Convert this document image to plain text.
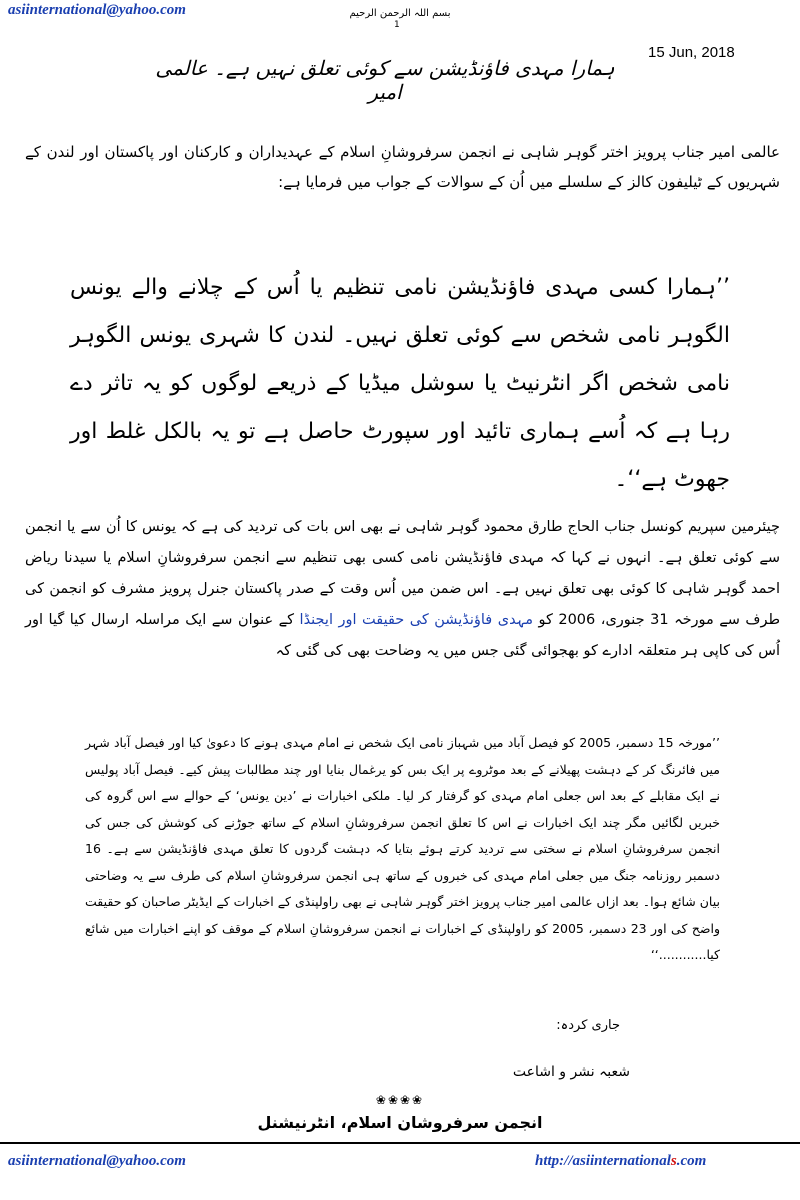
asiinternational@yahoo.com	بسم اللہ الرحمن الرحیم
1
15 Jun, 2018
ہمارا مہدی فاؤنڈیشن سے کوئی تعلق نہیں ہے۔ عالمی امیر

عالمی امیر جناب پرویز اختر گوہر شاہی نے انجمن سرفروشانِ اسلام کے عہدیداران و کارکنان اور پاکستان اور لندن کے شہریوں کے ٹیلیفون کالز کے سلسلے میں اُن کے سوالات کے جواب میں فرمایا ہے:

’’ہمارا کسی مہدی فاؤنڈیشن نامی تنظیم یا اُس کے چلانے والے یونس الگوہر نامی شخص سے کوئی تعلق نہیں۔ لندن کا شہری یونس الگوہر نامی شخص اگر انٹرنیٹ یا سوشل میڈیا کے ذریعے لوگوں کو یہ تاثر دے رہا ہے کہ اُسے ہماری تائید اور سپورٹ حاصل ہے تو یہ بالکل غلط اور جھوٹ ہے‘‘۔

چیئرمین سپریم کونسل جناب الحاج طارق محمود گوہر شاہی نے بھی اس بات کی تردید کی ہے کہ یونس کا اُن سے یا انجمن سے کوئی تعلق ہے۔ انہوں نے کہا کہ مہدی فاؤنڈیشن نامی کسی بھی تنظیم سے انجمن سرفروشانِ اسلام یا سیدنا ریاض احمد گوہر شاہی کا کوئی بھی تعلق نہیں ہے۔ اس ضمن میں اُس وقت کے صدر پاکستان جنرل پرویز مشرف کو انجمن کی طرف سے مورخہ 31 جنوری، 2006 کو مہدی فاؤنڈیشن کی حقیقت اور ایجنڈا کے عنوان سے ایک مراسلہ ارسال کیا گیا اور اُس کی کاپی ہر متعلقہ ادارے کو بھجوائی گئی جس میں یہ وضاحت بھی کی گئی کہ

’’مورخہ 15 دسمبر، 2005 کو فیصل آباد میں شہباز نامی ایک شخص نے امام مہدی ہونے کا دعویٰ کیا اور فیصل آباد شہر میں فائرنگ کر کے دہشت پھیلانے کے بعد موٹروے پر ایک بس کو یرغمال بنایا اور چند مطالبات پیش کیے۔ فیصل آباد پولیس نے ایک مقابلے کے بعد اس جعلی امام مہدی کو گرفتار کر لیا۔ ملکی اخبارات نے ’دین یونس‘ کے حوالے سے اس گروہ کی خبریں لگائیں مگر چند ایک اخبارات نے اس کا تعلق انجمن سرفروشانِ اسلام کے ساتھ جوڑنے کی کوشش کی جس کی انجمن سرفروشانِ اسلام نے سختی سے تردید کرتے ہوئے بتایا کہ دہشت گردوں کا تعلق مہدی فاؤنڈیشن سے ہے۔ 16 دسمبر روزنامہ جنگ میں جعلی امام مہدی کی خبروں کے ساتھ ہی انجمن سرفروشانِ اسلام کی طرف سے یہ وضاحتی بیان شائع ہوا۔ بعد ازاں عالمی امیر جناب پرویز اختر گوہر شاہی نے بھی راولپنڈی کے اخبارات کے ایڈیٹر صاحبان کو حقیقت واضح کی اور 23 دسمبر، 2005 کو راولپنڈی کے اخبارات نے انجمن سرفروشانِ اسلام کے موقف کو اپنے اخبارات میں شائع کیا............‘‘

جاری کردہ:
شعبہ نشر و اشاعت
❀❀❀❀
انجمن سرفروشان اسلام، انٹرنیشنل
asiinternational@yahoo.com	http://asiinternationals.com
